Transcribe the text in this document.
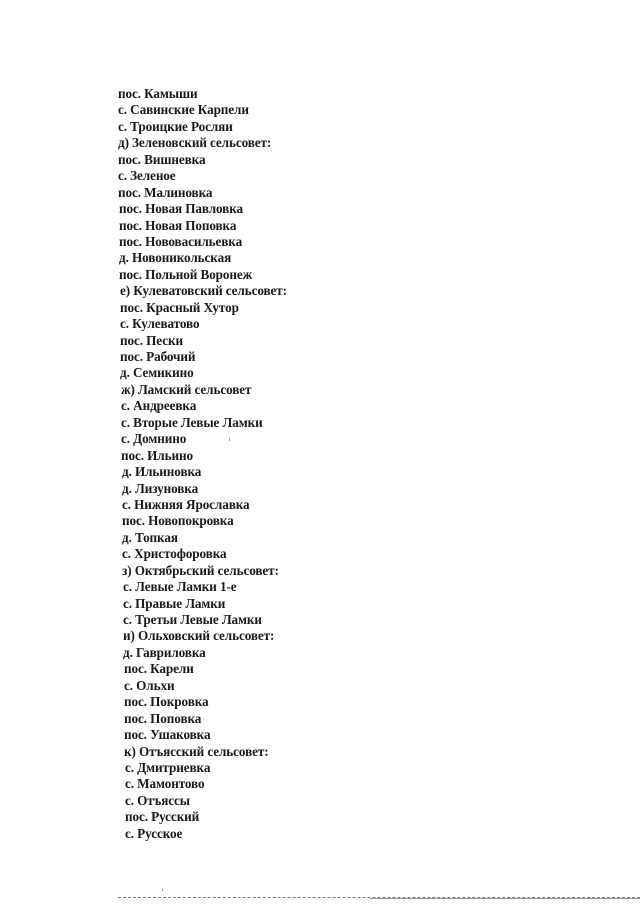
пос. Камыши
с. Савинские Карпели
с. Троицкие Росляи
д) Зеленовский сельсовет:
пос. Вишневка
с. Зеленое
пос. Малиновка
пос. Новая Павловка
пос. Новая Поповка
пос. Нововасильевка
д. Новоникольская
пос. Польной Воронеж
е) Кулеватовский сельсовет:
пос. Красный Хутор
с. Кулеватово
пос. Пески
пос. Рабочий
д. Семикино
ж) Ламский сельсовет
с. Андреевка
с. Вторые Левые Ламки
с. Домнино
пос. Ильино
д. Ильиновка
д. Лизуновка
с. Нижняя Ярославка
пос. Новопокровка
д. Топкая
с. Христофоровка
з) Октябрьский сельсовет:
с. Левые Ламки 1-е
с. Правые Ламки
с. Третьи Левые Ламки
и) Ольховский сельсовет:
д. Гавриловка
пос. Карели
с. Ольхи
пос. Покровка
пос. Поповка
пос. Ушаковка
к) Отъясский сельсовет:
с. Дмитриевка
с. Мамонтово
с. Отъяссы
пос. Русский
с. Русское
